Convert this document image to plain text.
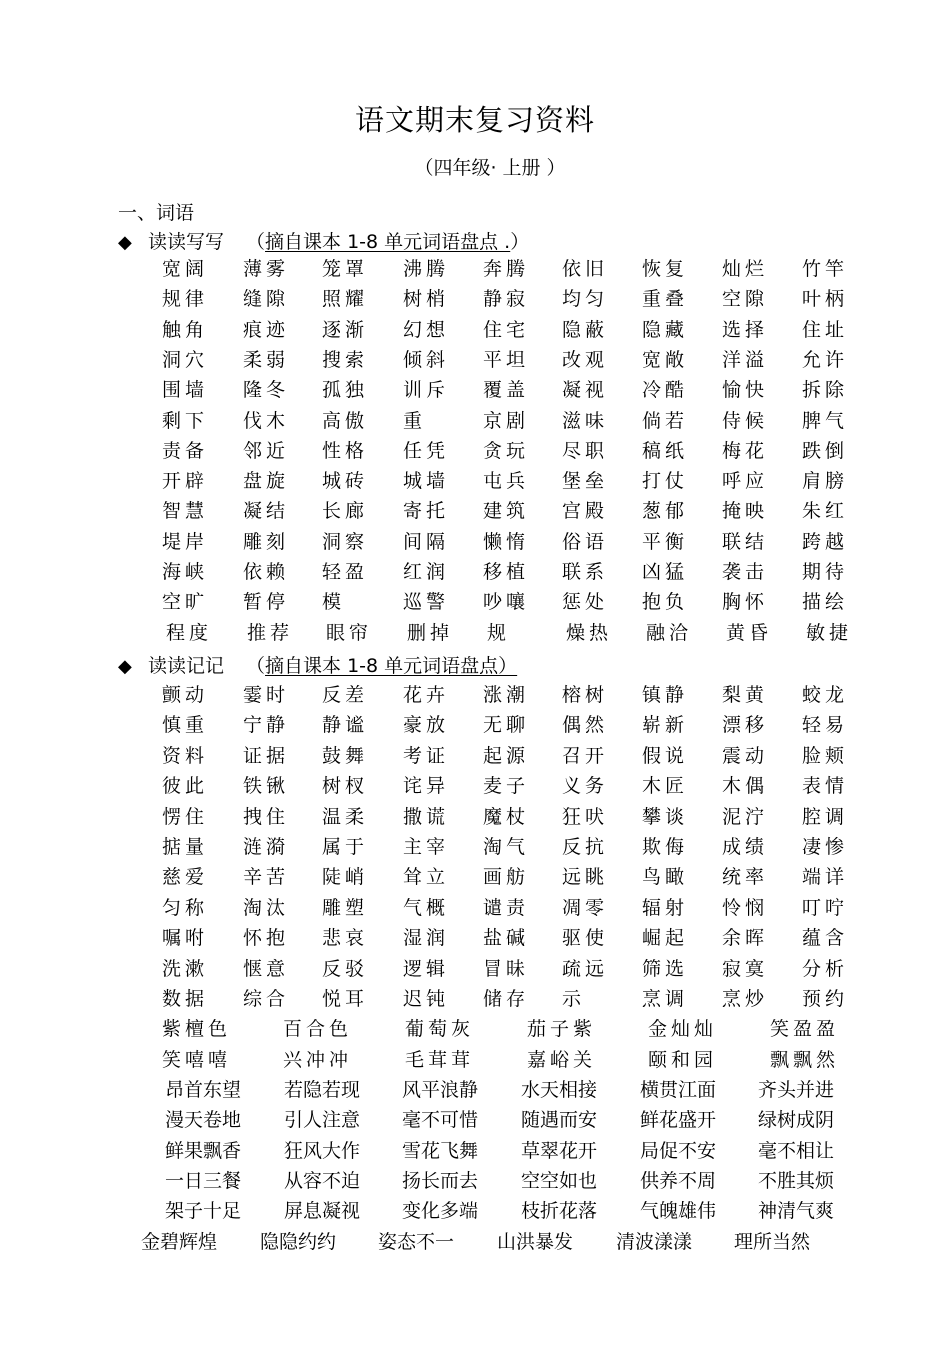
语文期末复习资料
（四年级· 上册 ）
一、词语
◆ 读读写写 （摘自课本 1-8 单元词语盘点 .）
宽阔 薄雾 笼罩 沸腾 奔腾 依旧 恢复 灿烂 竹竿
规律 缝隙 照耀 树梢 静寂 均匀 重叠 空隙 叶柄
触角 痕迹 逐渐 幻想 住宅 隐蔽 隐藏 选择 住址
洞穴 柔弱 搜索 倾斜 平坦 改观 宽敞 洋溢 允许
围墙 隆冬 孤独 训斥 覆盖 凝视 冷酷 愉快 拆除
剩下 伐木 高傲 重	京剧 滋味 倘若 侍候 脾气
责备 邻近 性格 任凭 贪玩 尽职 稿纸 梅花 跌倒
开辟 盘旋 城砖 城墙 屯兵 堡垒 打仗 呼应 肩膀
智慧 凝结 长廊 寄托 建筑 宫殿 葱郁 掩映 朱红
堤岸 雕刻 洞察 间隔 懒惰 俗语 平衡 联结 跨越
海峡 依赖 轻盈 红润 移植 联系 凶猛 袭击 期待
空旷 暂停 模	巡警 吵嚷 惩处 抱负 胸怀 描绘
程度 推荐 眼帘 删掉 规	燥热 融洽 黄昏 敏捷
◆ 读读记记 （摘自课本 1-8 单元词语盘点）
颤动 霎时 反差 花卉 涨潮 榕树 镇静 梨黄 蛟龙
慎重 宁静 静谧 豪放 无聊 偶然 崭新 漂移 轻易
资料 证据 鼓舞 考证 起源 召开 假说 震动 脸颊
彼此 铁锹 树杈 诧异 麦子 义务 木匠 木偶 表情
愣住 拽住 温柔 撒谎 魔杖 狂吠 攀谈 泥泞 腔调
掂量 涟漪 属于 主宰 淘气 反抗 欺侮 成绩 凄惨
慈爱 辛苦 陡峭 耸立 画舫 远眺 鸟瞰 统率 端详
匀称 淘汰 雕塑 气概 谴责 凋零 辐射 怜悯 叮咛
嘱咐 怀抱 悲哀 湿润 盐碱 驱使 崛起 余晖 蕴含
洗漱 惬意 反驳 逻辑 冒昧 疏远 筛选 寂寞 分析
数据 综合 悦耳 迟钝 储存 示	烹调 烹炒 预约
紫檀色	百合色	葡萄灰	茄子紫	金灿灿	笑盈盈
笑嘻嘻	兴冲冲	毛茸茸	嘉峪关	颐和园	飘飘然
昂首东望 若隐若现 风平浪静 水天相接 横贯江面 齐头并进
漫天卷地 引人注意 毫不可惜 随遇而安 鲜花盛开 绿树成阴
鲜果飘香 狂风大作 雪花飞舞 草翠花开 局促不安 毫不相让
一日三餐 从容不迫 扬长而去 空空如也 供养不周 不胜其烦
架子十足 屏息凝视 变化多端 枝折花落 气魄雄伟 神清气爽
金碧辉煌 隐隐约约 姿态不一 山洪暴发 清波漾漾 理所当然
